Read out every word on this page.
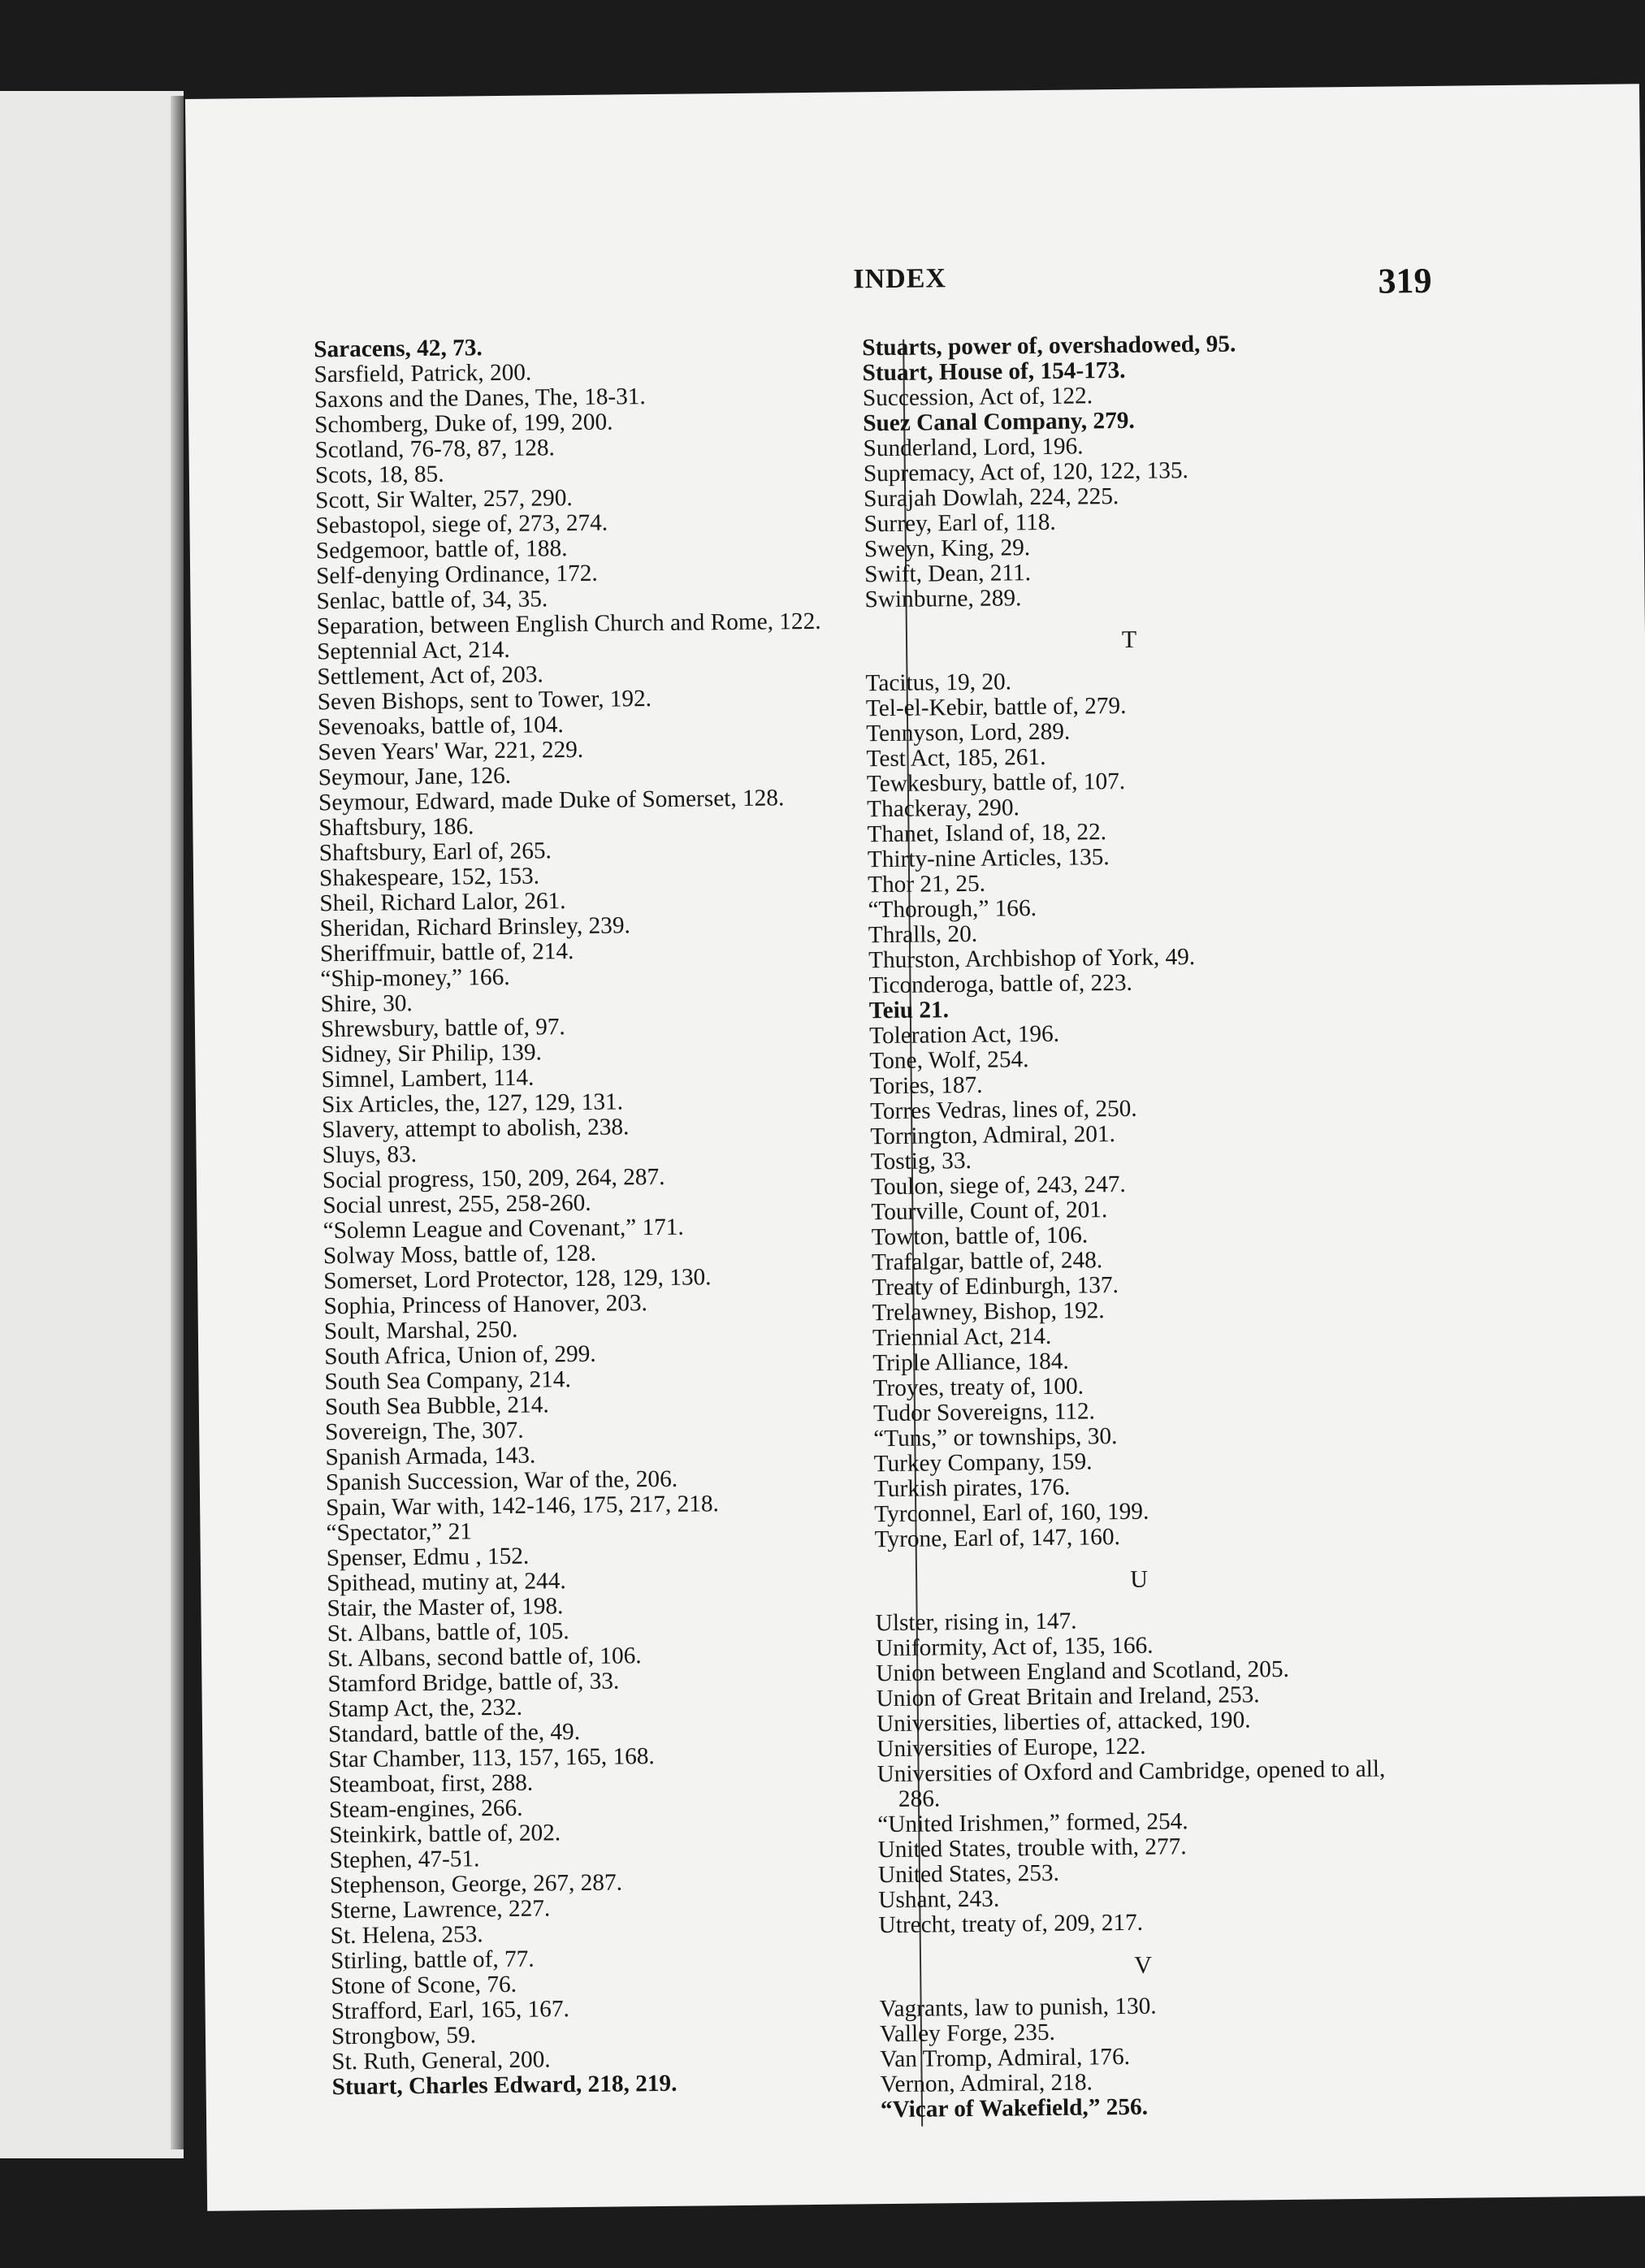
INDEX	319
Saracens, 42, 73.
Sarsfield, Patrick, 200.
Saxons and the Danes, The, 18-31.
Schomberg, Duke of, 199, 200.
Scotland, 76-78, 87, 128.
Scots, 18, 85.
Scott, Sir Walter, 257, 290.
Sebastopol, siege of, 273, 274.
Sedgemoor, battle of, 188.
Self-denying Ordinance, 172.
Senlac, battle of, 34, 35.
Separation, between English Church and Rome, 122.
Septennial Act, 214.
Settlement, Act of, 203.
Seven Bishops, sent to Tower, 192.
Sevenoaks, battle of, 104.
Seven Years' War, 221, 229.
Seymour, Jane, 126.
Seymour, Edward, made Duke of Somerset, 128.
Shaftsbury, 186.
Shaftsbury, Earl of, 265.
Shakespeare, 152, 153.
Sheil, Richard Lalor, 261.
Sheridan, Richard Brinsley, 239.
Sheriffmuir, battle of, 214.
“Ship-money,” 166.
Shire, 30.
Shrewsbury, battle of, 97.
Sidney, Sir Philip, 139.
Simnel, Lambert, 114.
Six Articles, the, 127, 129, 131.
Slavery, attempt to abolish, 238.
Sluys, 83.
Social progress, 150, 209, 264, 287.
Social unrest, 255, 258-260.
“Solemn League and Covenant,” 171.
Solway Moss, battle of, 128.
Somerset, Lord Protector, 128, 129, 130.
Sophia, Princess of Hanover, 203.
Soult, Marshal, 250.
South Africa, Union of, 299.
South Sea Company, 214.
South Sea Bubble, 214.
Sovereign, The, 307.
Spanish Armada, 143.
Spanish Succession, War of the, 206.
Spain, War with, 142-146, 175, 217, 218.
“Spectator,” 21
Spenser, Edmu , 152.
Spithead, mutiny at, 244.
Stair, the Master of, 198.
St. Albans, battle of, 105.
St. Albans, second battle of, 106.
Stamford Bridge, battle of, 33.
Stamp Act, the, 232.
Standard, battle of the, 49.
Star Chamber, 113, 157, 165, 168.
Steamboat, first, 288.
Steam-engines, 266.
Steinkirk, battle of, 202.
Stephen, 47-51.
Stephenson, George, 267, 287.
Sterne, Lawrence, 227.
St. Helena, 253.
Stirling, battle of, 77.
Stone of Scone, 76.
Strafford, Earl, 165, 167.
Strongbow, 59.
St. Ruth, General, 200.
Stuart, Charles Edward, 218, 219.
Stuarts, power of, overshadowed, 95.
Stuart, House of, 154-173.
Succession, Act of, 122.
Suez Canal Company, 279.
Sunderland, Lord, 196.
Supremacy, Act of, 120, 122, 135.
Surajah Dowlah, 224, 225.
Surrey, Earl of, 118.
Sweyn, King, 29.
Swift, Dean, 211.
Swinburne, 289.
T
Tacitus, 19, 20.
Tel-el-Kebir, battle of, 279.
Tennyson, Lord, 289.
Test Act, 185, 261.
Tewkesbury, battle of, 107.
Thackeray, 290.
Thanet, Island of, 18, 22.
Thirty-nine Articles, 135.
Thor 21, 25.
“Thorough,” 166.
Thralls, 20.
Thurston, Archbishop of York, 49.
Ticonderoga, battle of, 223.
Teiu 21.
Toleration Act, 196.
Tone, Wolf, 254.
Tories, 187.
Torres Vedras, lines of, 250.
Torrington, Admiral, 201.
Tostig, 33.
Toulon, siege of, 243, 247.
Tourville, Count of, 201.
Towton, battle of, 106.
Trafalgar, battle of, 248.
Treaty of Edinburgh, 137.
Trelawney, Bishop, 192.
Triennial Act, 214.
Triple Alliance, 184.
Troyes, treaty of, 100.
Tudor Sovereigns, 112.
“Tuns,” or townships, 30.
Turkey Company, 159.
Turkish pirates, 176.
Tyrconnel, Earl of, 160, 199.
Tyrone, Earl of, 147, 160.
U
Ulster, rising in, 147.
Uniformity, Act of, 135, 166.
Union between England and Scotland, 205.
Union of Great Britain and Ireland, 253.
Universities, liberties of, attacked, 190.
Universities of Europe, 122.
Universities of Oxford and Cambridge, opened to all, 286.
“United Irishmen,” formed, 254.
United States, trouble with, 277.
United States, 253.
Ushant, 243.
Utrecht, treaty of, 209, 217.
V
Vagrants, law to punish, 130.
Valley Forge, 235.
Van Tromp, Admiral, 176.
Vernon, Admiral, 218.
“Vicar of Wakefield,” 256.
